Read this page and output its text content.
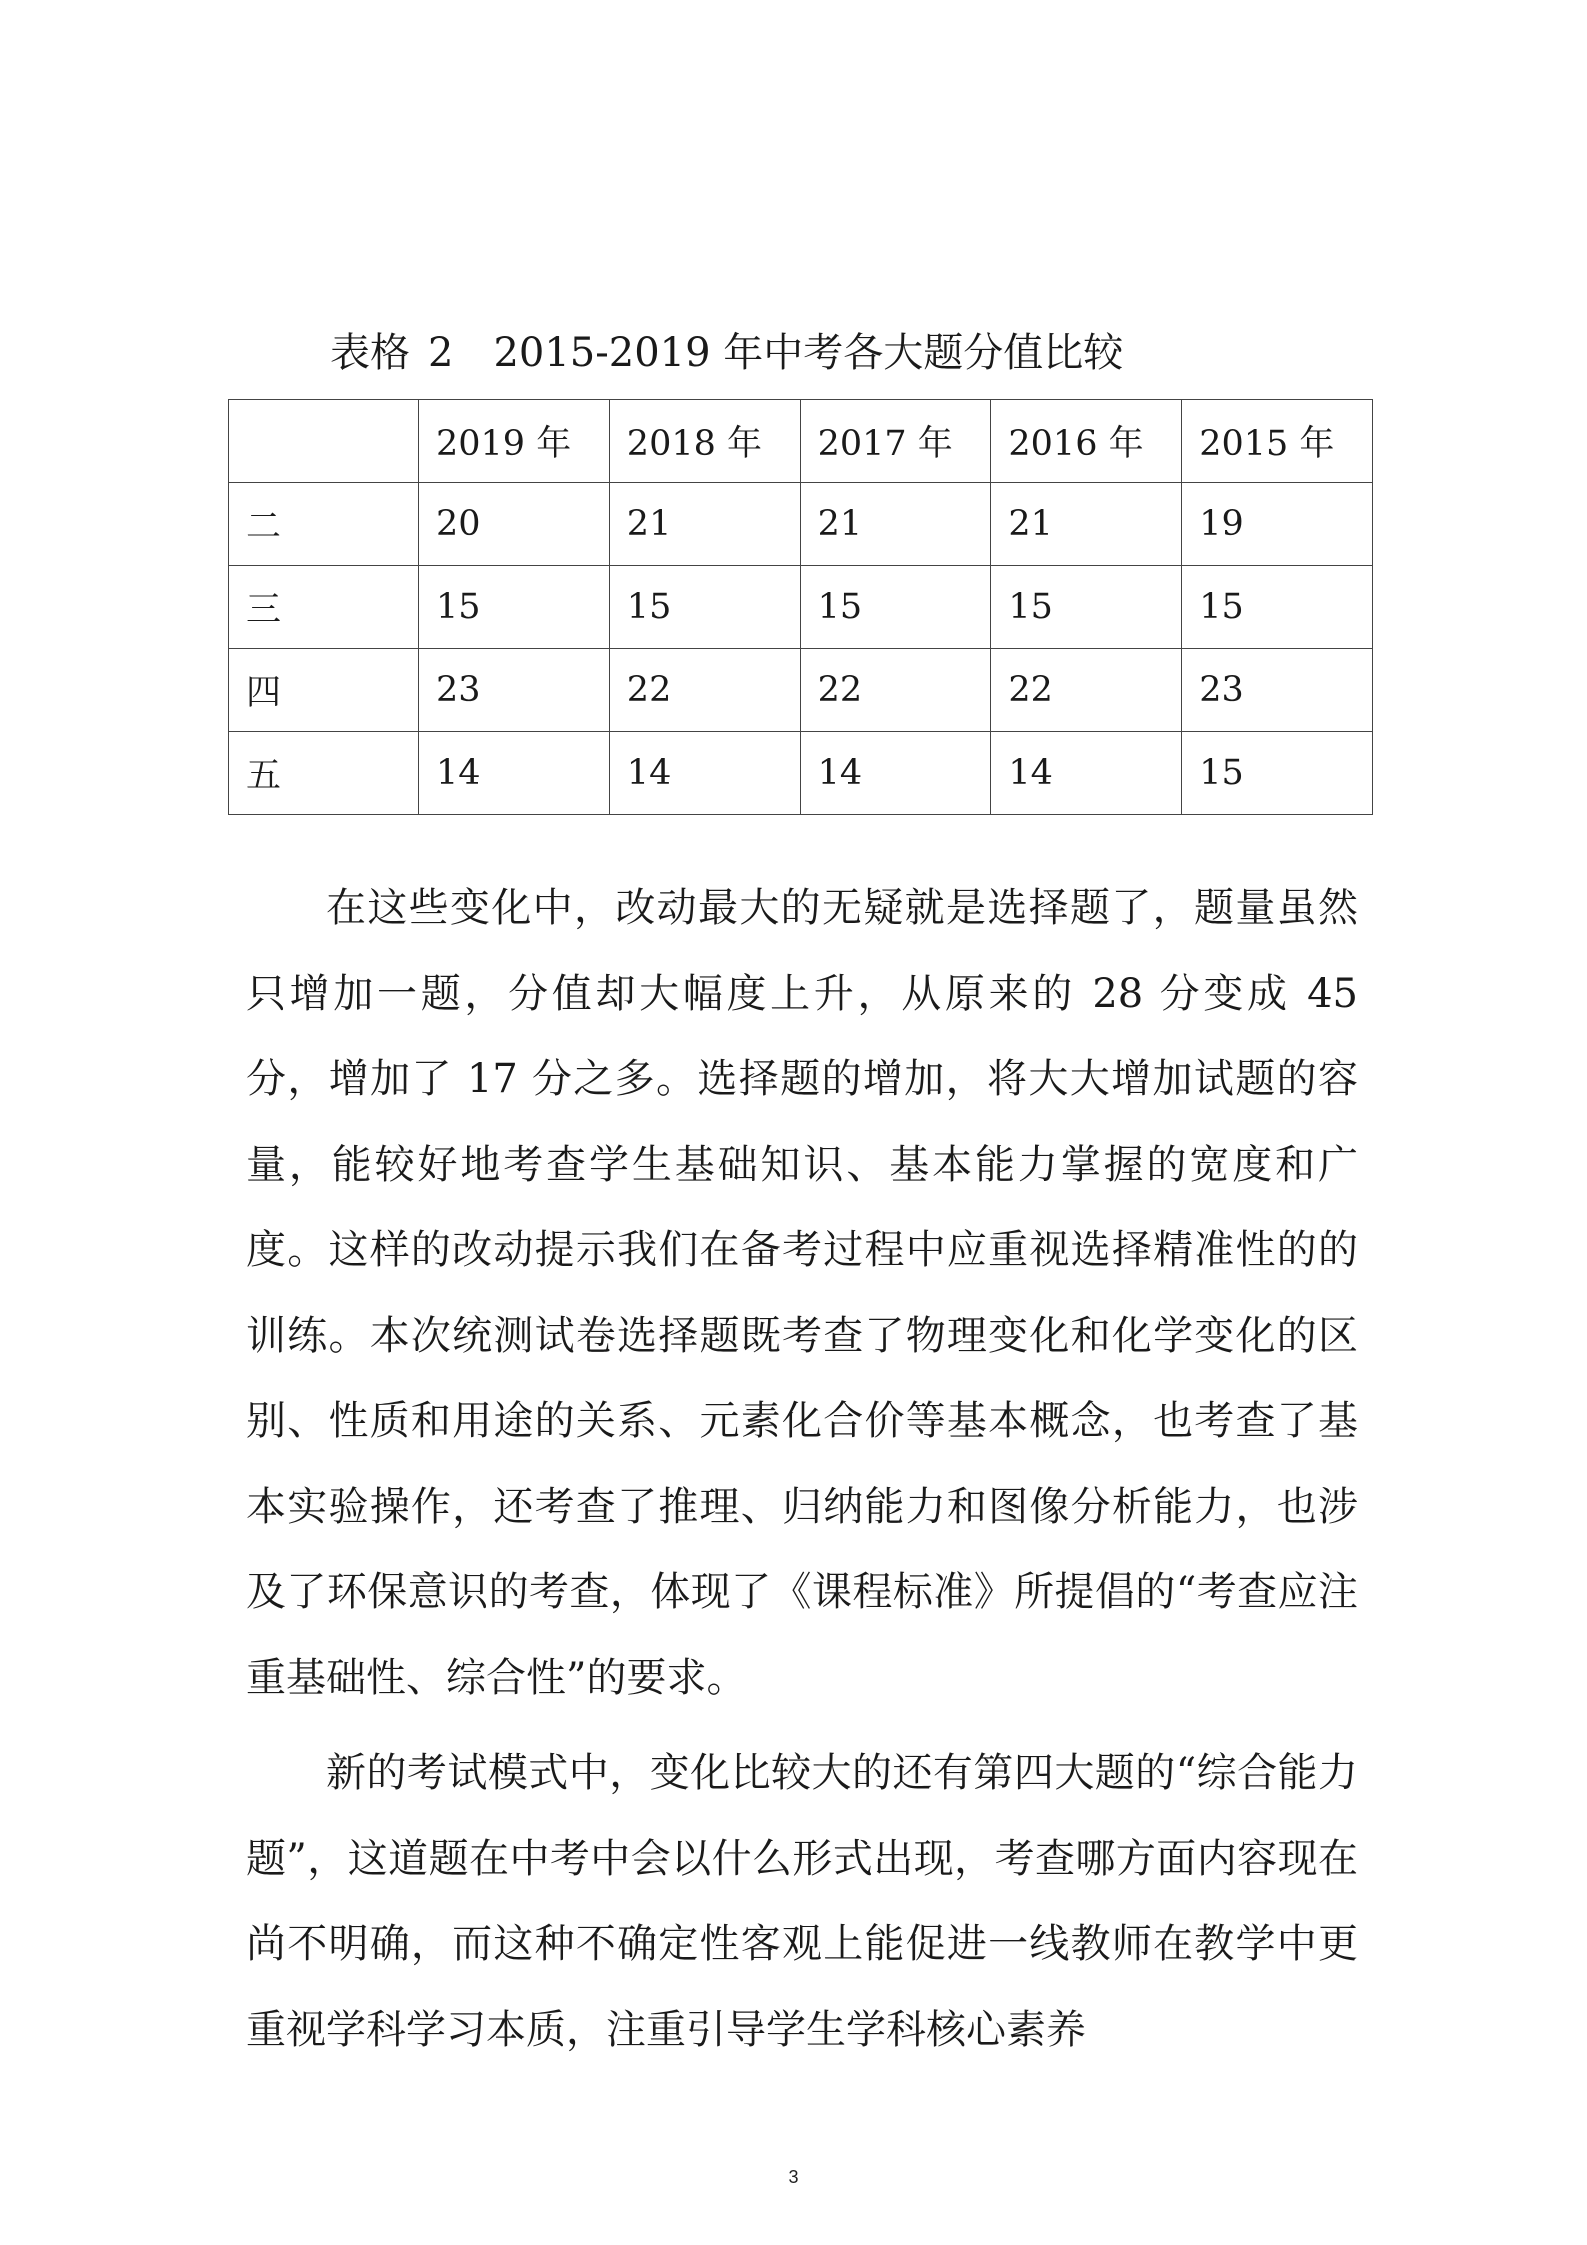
表格 2 2015-2019 年中考各大题分值比较
	2019 年	2018 年	2017 年	2016 年	2015 年
二	20	21	21	21	19
三	15	15	15	15	15
四	23	22	22	22	23
五	14	14	14	14	15

在这些变化中，改动最大的无疑就是选择题了，题量虽然只增加一题，分值却大幅度上升，从原来的 28 分变成 45 分，增加了 17 分之多。选择题的增加，将大大增加试题的容量，能较好地考查学生基础知识、基本能力掌握的宽度和广度。这样的改动提示我们在备考过程中应重视选择精准性的的训练。本次统测试卷选择题既考查了物理变化和化学变化的区别、性质和用途的关系、元素化合价等基本概念，也考查了基本实验操作，还考查了推理、归纳能力和图像分析能力，也涉及了环保意识的考查，体现了《课程标准》所提倡的“考查应注重基础性、综合性”的要求。

新的考试模式中，变化比较大的还有第四大题的“综合能力题”，这道题在中考中会以什么形式出现，考查哪方面内容现在尚不明确，而这种不确定性客观上能促进一线教师在教学中更重视学科学习本质，注重引导学生学科核心素养

3
